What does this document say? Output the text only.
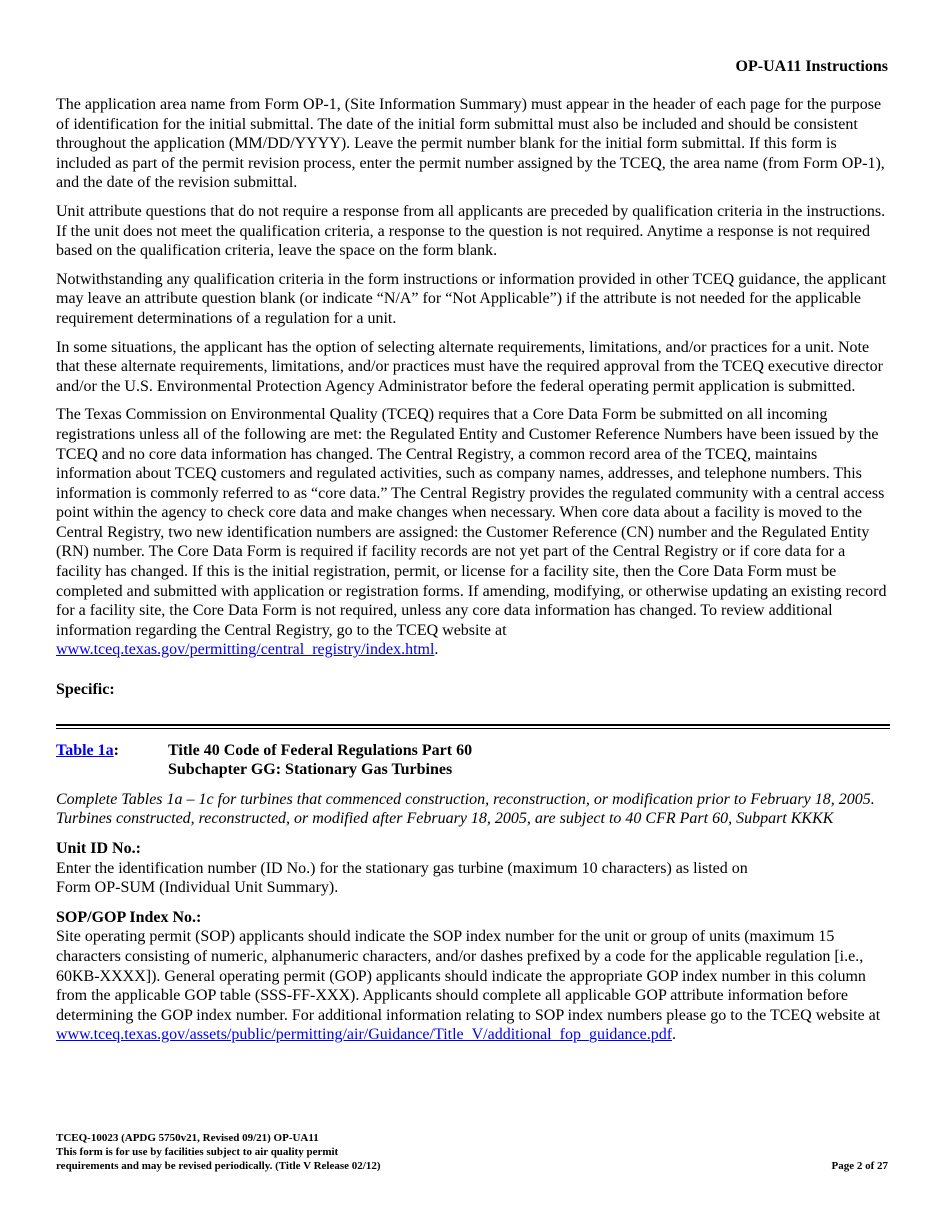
OP-UA11 Instructions

The application area name from Form OP-1, (Site Information Summary) must appear in the header of each page for the purpose of identification for the initial submittal. The date of the initial form submittal must also be included and should be consistent throughout the application (MM/DD/YYYY). Leave the permit number blank for the initial form submittal. If this form is included as part of the permit revision process, enter the permit number assigned by the TCEQ, the area name (from Form OP-1), and the date of the revision submittal.

Unit attribute questions that do not require a response from all applicants are preceded by qualification criteria in the instructions. If the unit does not meet the qualification criteria, a response to the question is not required. Anytime a response is not required based on the qualification criteria, leave the space on the form blank.

Notwithstanding any qualification criteria in the form instructions or information provided in other TCEQ guidance, the applicant may leave an attribute question blank (or indicate “N/A” for “Not Applicable”) if the attribute is not needed for the applicable requirement determinations of a regulation for a unit.

In some situations, the applicant has the option of selecting alternate requirements, limitations, and/or practices for a unit. Note that these alternate requirements, limitations, and/or practices must have the required approval from the TCEQ executive director and/or the U.S. Environmental Protection Agency Administrator before the federal operating permit application is submitted.

The Texas Commission on Environmental Quality (TCEQ) requires that a Core Data Form be submitted on all incoming registrations unless all of the following are met: the Regulated Entity and Customer Reference Numbers have been issued by the TCEQ and no core data information has changed. The Central Registry, a common record area of the TCEQ, maintains information about TCEQ customers and regulated activities, such as company names, addresses, and telephone numbers. This information is commonly referred to as “core data.” The Central Registry provides the regulated community with a central access point within the agency to check core data and make changes when necessary. When core data about a facility is moved to the Central Registry, two new identification numbers are assigned: the Customer Reference (CN) number and the Regulated Entity (RN) number. The Core Data Form is required if facility records are not yet part of the Central Registry or if core data for a facility has changed. If this is the initial registration, permit, or license for a facility site, then the Core Data Form must be completed and submitted with application or registration forms. If amending, modifying, or otherwise updating an existing record for a facility site, the Core Data Form is not required, unless any core data information has changed. To review additional information regarding the Central Registry, go to the TCEQ website at www.tceq.texas.gov/permitting/central_registry/index.html.

Specific:
Table 1a:	Title 40 Code of Federal Regulations Part 60
Subchapter GG: Stationary Gas Turbines
Complete Tables 1a – 1c for turbines that commenced construction, reconstruction, or modification prior to February 18, 2005. Turbines constructed, reconstructed, or modified after February 18, 2005, are subject to 40 CFR Part 60, Subpart KKKK
Unit ID No.:
Enter the identification number (ID No.) for the stationary gas turbine (maximum 10 characters) as listed on
Form OP-SUM (Individual Unit Summary).
SOP/GOP Index No.:
Site operating permit (SOP) applicants should indicate the SOP index number for the unit or group of units (maximum 15 characters consisting of numeric, alphanumeric characters, and/or dashes prefixed by a code for the applicable regulation [i.e., 60KB-XXXX]). General operating permit (GOP) applicants should indicate the appropriate GOP index number in this column from the applicable GOP table (SSS-FF-XXX). Applicants should complete all applicable GOP attribute information before determining the GOP index number. For additional information relating to SOP index numbers please go to the TCEQ website at
www.tceq.texas.gov/assets/public/permitting/air/Guidance/Title_V/additional_fop_guidance.pdf.
TCEQ-10023 (APDG 5750v21, Revised 09/21) OP-UA11
This form is for use by facilities subject to air quality permit
requirements and may be revised periodically. (Title V Release 02/12)	Page 2 of 27
